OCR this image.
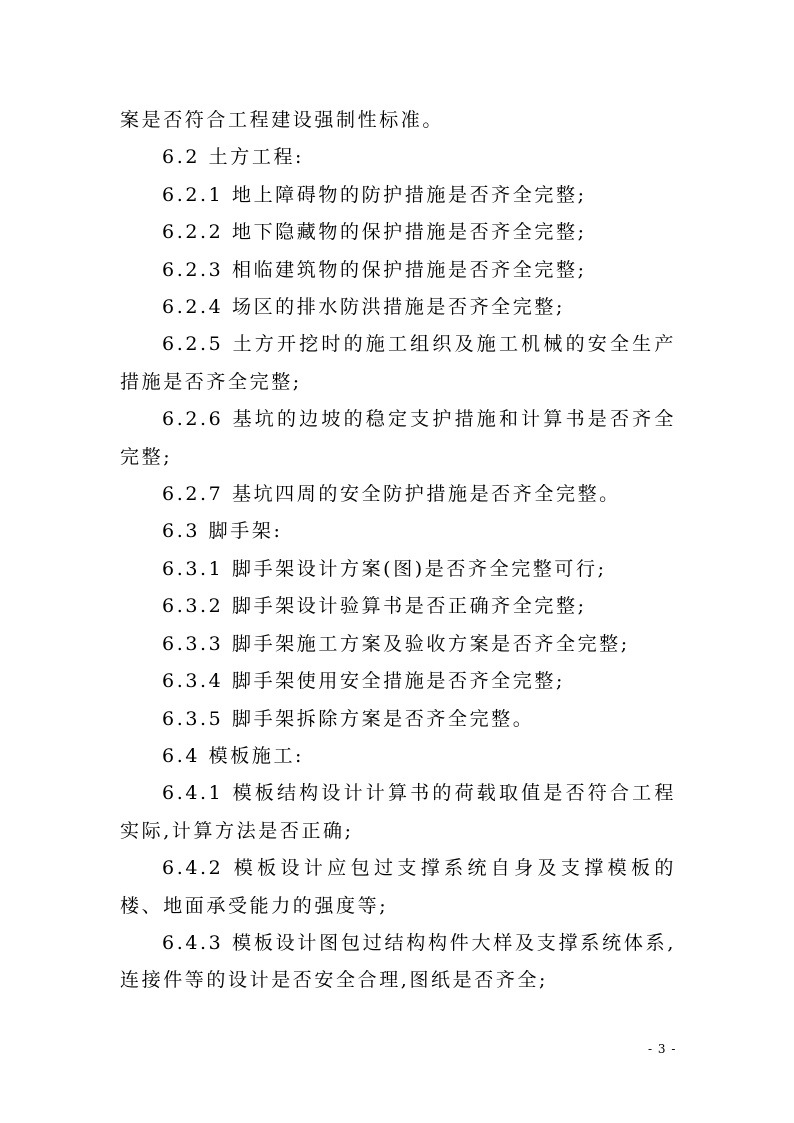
案是否符合工程建设强制性标准。

6.2 土方工程:

6.2.1 地上障碍物的防护措施是否齐全完整;

6.2.2 地下隐藏物的保护措施是否齐全完整;

6.2.3 相临建筑物的保护措施是否齐全完整;

6.2.4 场区的排水防洪措施是否齐全完整;

6.2.5 土方开挖时的施工组织及施工机械的安全生产措施是否齐全完整;

6.2.6 基坑的边坡的稳定支护措施和计算书是否齐全完整;

6.2.7 基坑四周的安全防护措施是否齐全完整。

6.3 脚手架:

6.3.1 脚手架设计方案(图)是否齐全完整可行;

6.3.2 脚手架设计验算书是否正确齐全完整;

6.3.3 脚手架施工方案及验收方案是否齐全完整;

6.3.4 脚手架使用安全措施是否齐全完整;

6.3.5 脚手架拆除方案是否齐全完整。

6.4 模板施工:

6.4.1 模板结构设计计算书的荷载取值是否符合工程实际,计算方法是否正确;

6.4.2 模板设计应包过支撑系统自身及支撑模板的楼、地面承受能力的强度等;

6.4.3 模板设计图包过结构构件大样及支撑系统体系,连接件等的设计是否安全合理,图纸是否齐全;

- 3 -
